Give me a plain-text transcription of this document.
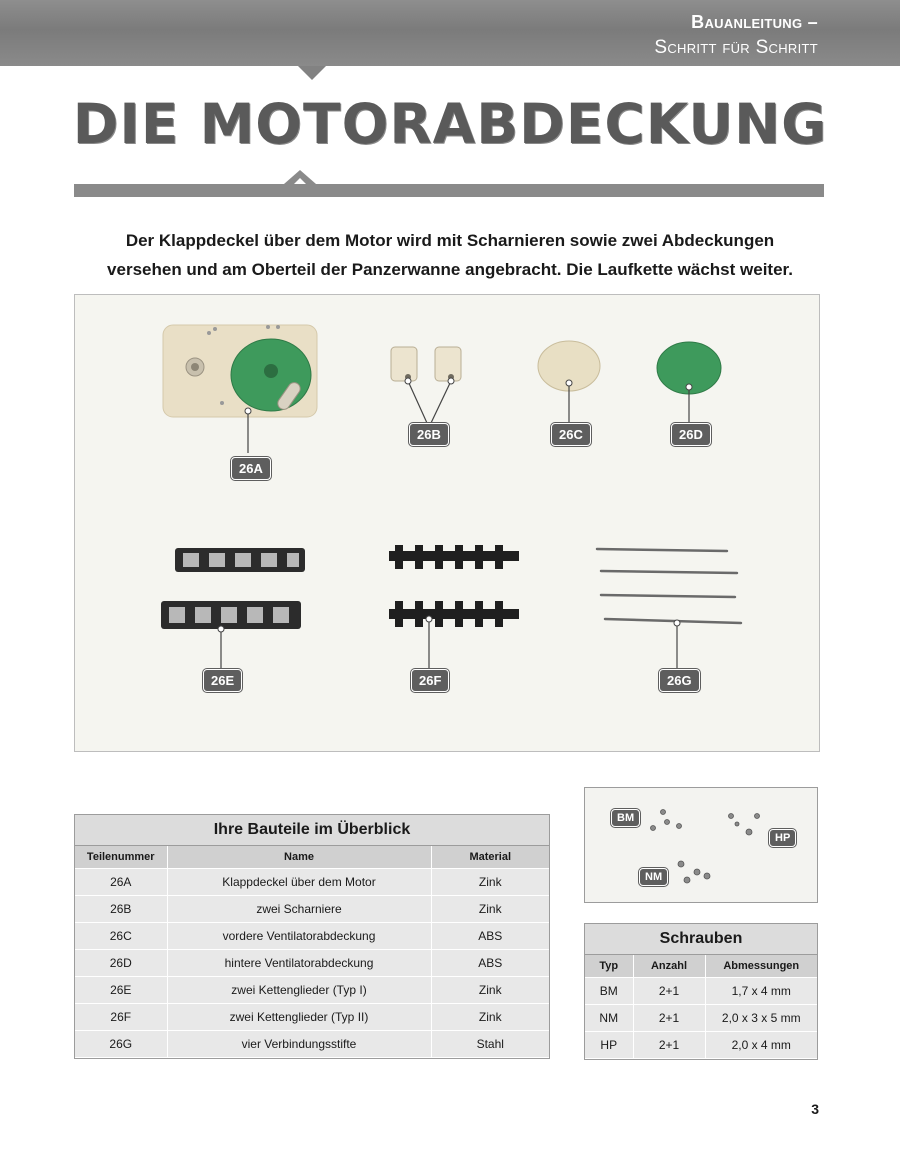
Bauanleitung –
Schritt für Schritt
DIE MOTORABDECKUNG
Der Klappdeckel über dem Motor wird mit Scharnieren sowie zwei Abdeckungen
versehen und am Oberteil der Panzerwanne angebracht. Die Laufkette wächst weiter.
26A
26B	26C	26D
26E	26F	26G
Ihre Bauteile im Überblick
Teilenummer	Name	Material
26A	Klappdeckel über dem Motor	Zink
26B	zwei Scharniere	Zink
26C	vordere Ventilatorabdeckung	ABS
26D	hintere Ventilatorabdeckung	ABS
26E	zwei Kettenglieder (Typ I)	Zink
26F	zwei Kettenglieder (Typ II)	Zink
26G	vier Verbindungsstifte	Stahl
BM
HP
NM
Schrauben
Typ	Anzahl	Abmessungen
BM	2+1	1,7 x 4 mm
NM	2+1	2,0 x 3 x 5 mm
HP	2+1	2,0 x 4 mm
3
